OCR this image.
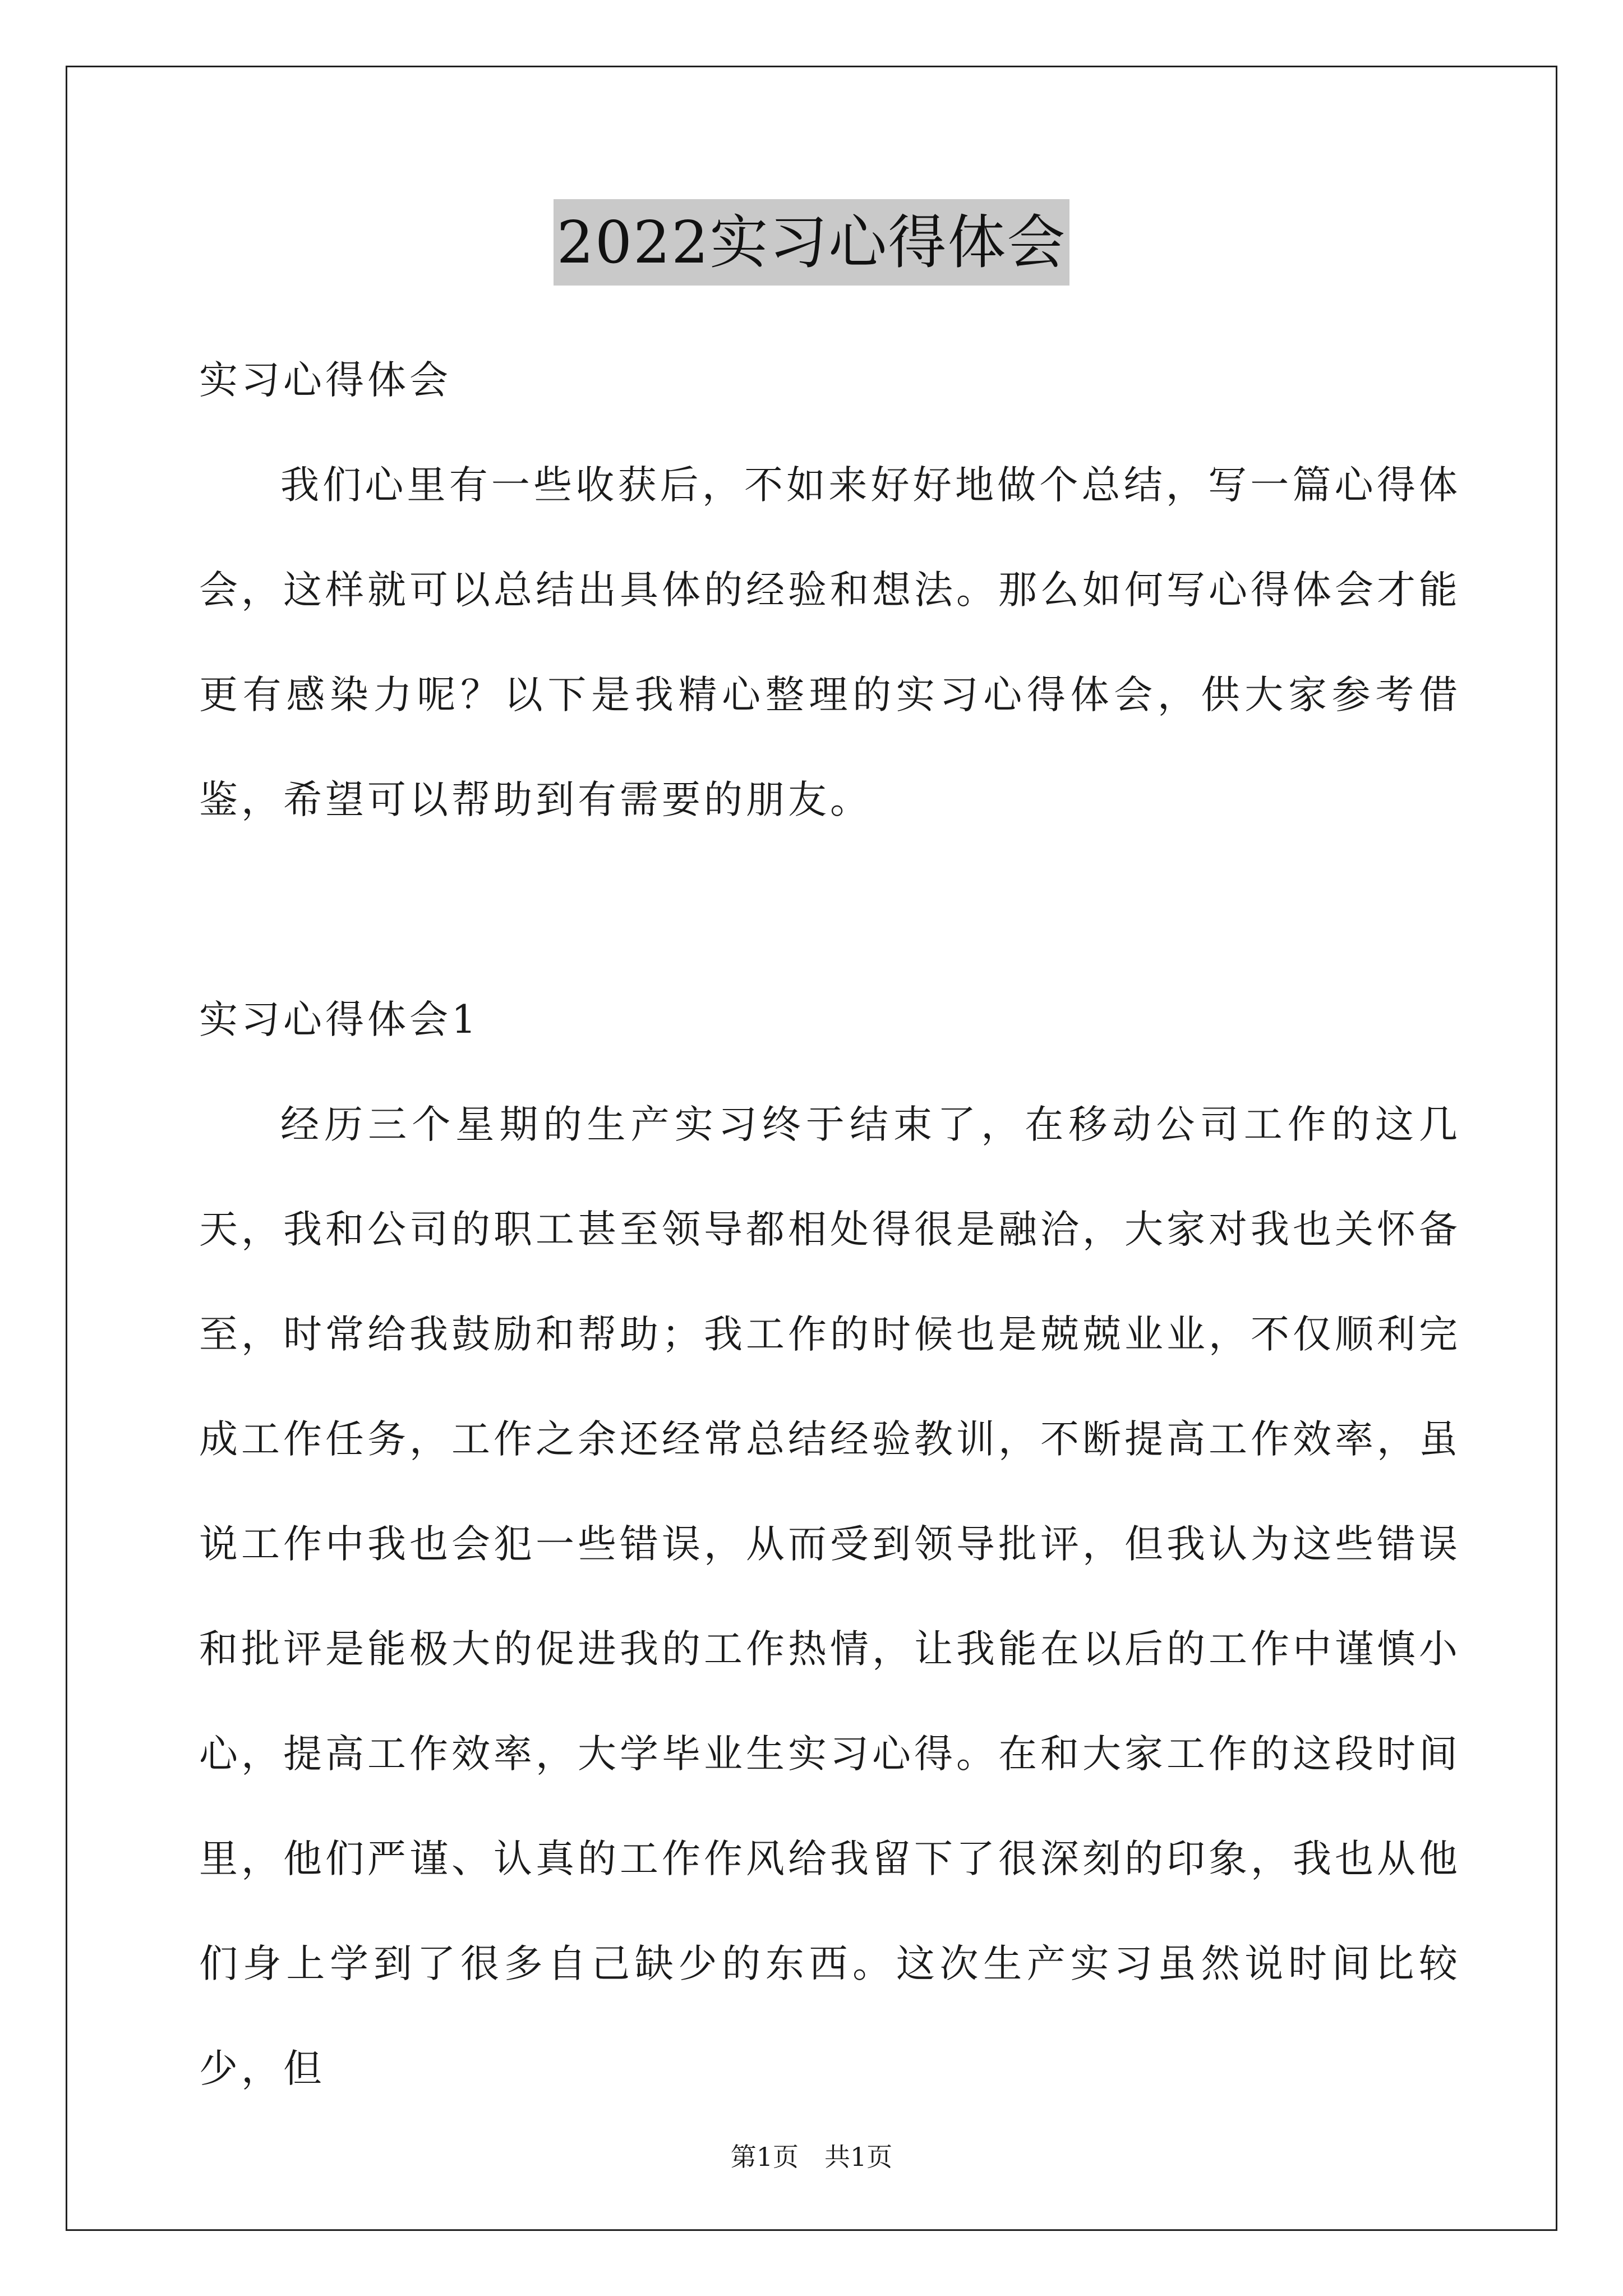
2022实习心得体会
实习心得体会

我们心里有一些收获后，不如来好好地做个总结，写一篇心得体会，这样就可以总结出具体的经验和想法。那么如何写心得体会才能更有感染力呢？以下是我精心整理的实习心得体会，供大家参考借鉴，希望可以帮助到有需要的朋友。

实习心得体会1

经历三个星期的生产实习终于结束了，在移动公司工作的这几天，我和公司的职工甚至领导都相处得很是融洽，大家对我也关怀备至，时常给我鼓励和帮助；我工作的时候也是兢兢业业，不仅顺利完成工作任务，工作之余还经常总结经验教训，不断提高工作效率，虽说工作中我也会犯一些错误，从而受到领导批评，但我认为这些错误和批评是能极大的促进我的工作热情，让我能在以后的工作中谨慎小心，提高工作效率，大学毕业生实习心得。在和大家工作的这段时间里，他们严谨、认真的工作作风给我留下了很深刻的印象，我也从他们身上学到了很多自己缺少的东西。这次生产实习虽然说时间比较少，但

第1页　共1页
